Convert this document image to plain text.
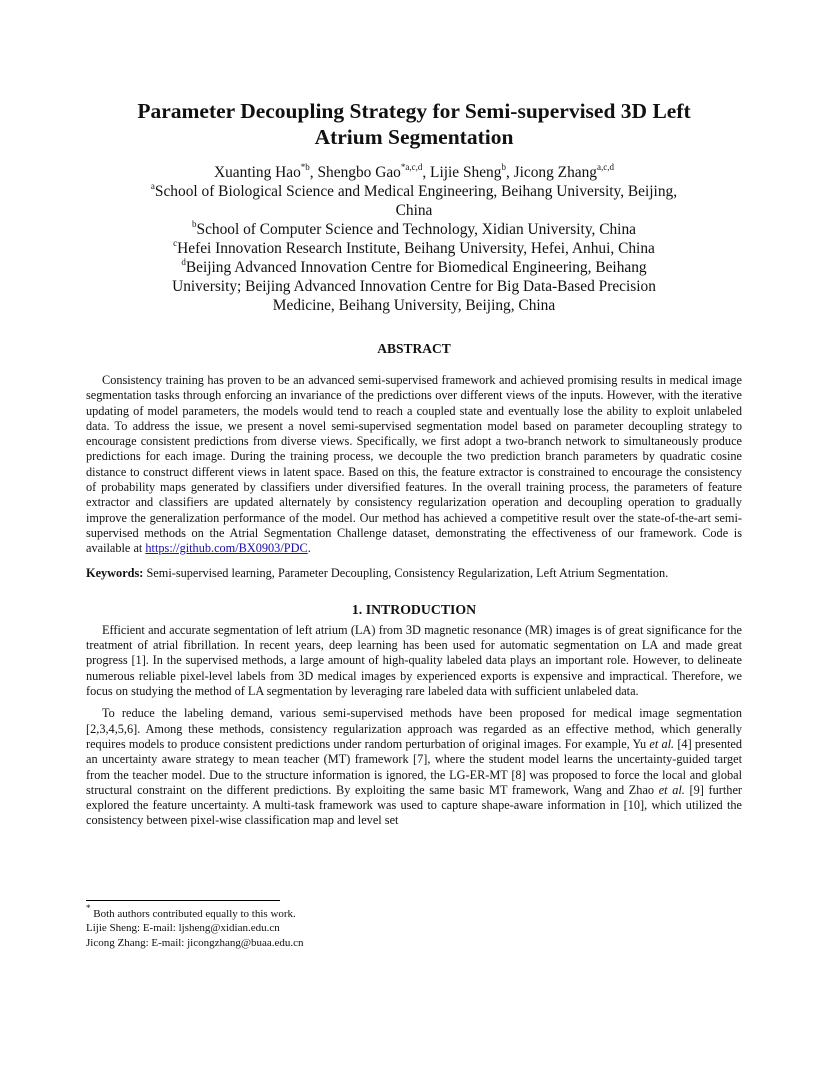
Parameter Decoupling Strategy for Semi-supervised 3D Left Atrium Segmentation
Xuanting Hao$^{*b}$, Shengbo Gao$^{*a,c,d}$, Lijie Sheng$^b$, Jicong Zhang$^{a,c,d}$
$^a$School of Biological Science and Medical Engineering, Beihang University, Beijing, China
$^b$School of Computer Science and Technology, Xidian University, China
$^c$Hefei Innovation Research Institute, Beihang University, Hefei, Anhui, China
$^d$Beijing Advanced Innovation Centre for Biomedical Engineering, Beihang University; Beijing Advanced Innovation Centre for Big Data-Based Precision Medicine, Beihang University, Beijing, China
ABSTRACT

Consistency training has proven to be an advanced semi-supervised framework and achieved promising results in medical image segmentation tasks through enforcing an invariance of the predictions over different views of the inputs. However, with the iterative updating of model parameters, the models would tend to reach a coupled state and eventually lose the ability to exploit unlabeled data. To address the issue, we present a novel semi-supervised segmentation model based on parameter decoupling strategy to encourage consistent predictions from diverse views. Specifically, we first adopt a two-branch network to simultaneously produce predictions for each image. During the training process, we decouple the two prediction branch parameters by quadratic cosine distance to construct different views in latent space. Based on this, the feature extractor is constrained to encourage the consistency of probability maps generated by classifiers under diversified features. In the overall training process, the parameters of feature extractor and classifiers are updated alternately by consistency regularization operation and decoupling operation to gradually improve the generalization performance of the model. Our method has achieved a competitive result over the state-of-the-art semi-supervised methods on the Atrial Segmentation Challenge dataset, demonstrating the effectiveness of our framework. Code is available at https://github.com/BX0903/PDC.

Keywords: Semi-supervised learning, Parameter Decoupling, Consistency Regularization, Left Atrium Segmentation.
1. INTRODUCTION

Efficient and accurate segmentation of left atrium (LA) from 3D magnetic resonance (MR) images is of great significance for the treatment of atrial fibrillation. In recent years, deep learning has been used for automatic segmentation on LA and made great progress [1]. In the supervised methods, a large amount of high-quality labeled data plays an important role. However, to delineate numerous reliable pixel-level labels from 3D medical images by experienced exports is expensive and impractical. Therefore, we focus on studying the method of LA segmentation by leveraging rare labeled data with sufficient unlabeled data.

To reduce the labeling demand, various semi-supervised methods have been proposed for medical image segmentation [2,3,4,5,6]. Among these methods, consistency regularization approach was regarded as an effective method, which generally requires models to produce consistent predictions under random perturbation of original images. For example, Yu et al. [4] presented an uncertainty aware strategy to mean teacher (MT) framework [7], where the student model learns the uncertainty-guided target from the teacher model. Due to the structure information is ignored, the LG-ER-MT [8] was proposed to force the local and global structural constraint on the different predictions. By exploiting the same basic MT framework, Wang and Zhao et al. [9] further explored the feature uncertainty. A multi-task framework was used to capture shape-aware information in [10], which utilized the consistency between pixel-wise classification map and level set

* Both authors contributed equally to this work.
Lijie Sheng: E-mail: ljsheng@xidian.edu.cn
Jicong Zhang: E-mail: jicongzhang@buaa.edu.cn
